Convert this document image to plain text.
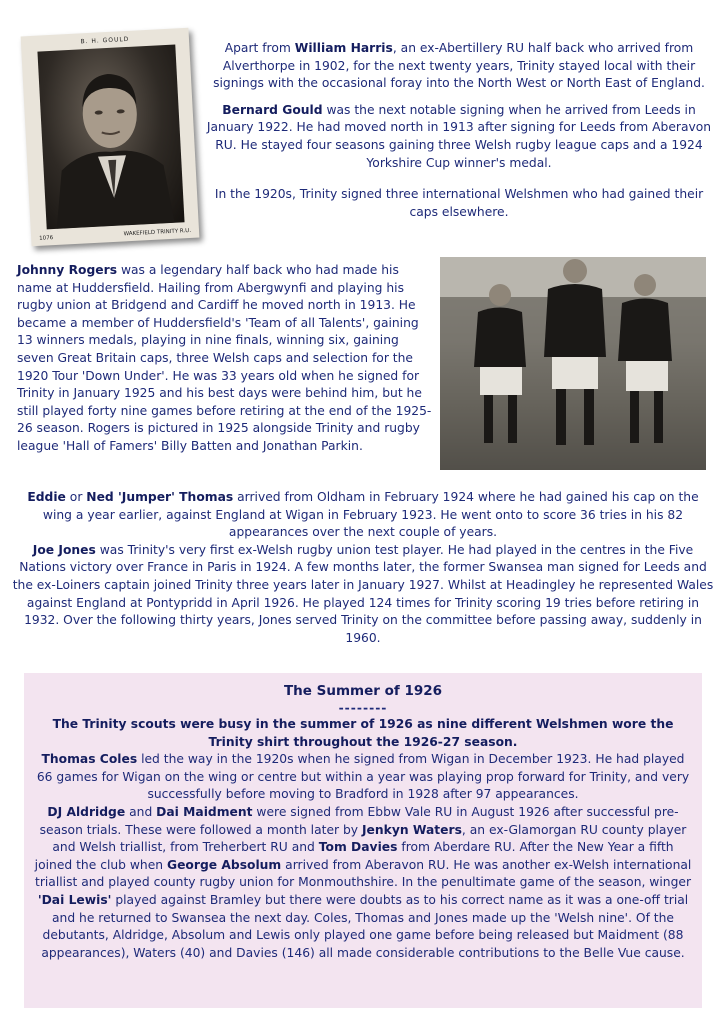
B. H. GOULD
1076
WAKEFIELD TRINITY R.U.

Apart from William Harris, an ex-Abertillery RU half back who arrived from Alverthorpe in 1902, for the next twenty years, Trinity stayed local with their signings with the occasional foray into the North West or North East of England.

Bernard Gould was the next notable signing when he arrived from Leeds in January 1922. He had moved north in 1913 after signing for Leeds from Aberavon RU. He stayed four seasons gaining three Welsh rugby league caps and a 1924 Yorkshire Cup winner's medal.

In the 1920s, Trinity signed three international Welshmen who had gained their caps elsewhere.

Johnny Rogers was a legendary half back who had made his name at Huddersfield. Hailing from Abergwynfi and playing his rugby union at Bridgend and Cardiff he moved north in 1913. He became a member of Huddersfield's 'Team of all Talents', gaining 13 winners medals, playing in nine finals, winning six, gaining seven Great Britain caps, three Welsh caps and selection for the 1920 Tour 'Down Under'. He was 33 years old when he signed for Trinity in January 1925 and his best days were behind him, but he still played forty nine games before retiring at the end of the 1925-26 season. Rogers is pictured in 1925 alongside Trinity and rugby league 'Hall of Famers' Billy Batten and Jonathan Parkin.

Eddie or Ned 'Jumper' Thomas arrived from Oldham in February 1924 where he had gained his cap on the wing a year earlier, against England at Wigan in February 1923. He went onto to score 36 tries in his 82 appearances over the next couple of years.

Joe Jones was Trinity's very first ex-Welsh rugby union test player. He had played in the centres in the Five Nations victory over France in Paris in 1924. A few months later, the former Swansea man signed for Leeds and the ex-Loiners captain joined Trinity three years later in January 1927. Whilst at Headingley he represented Wales against England at Pontypridd in April 1926. He played 124 times for Trinity scoring 19 tries before retiring in 1932. Over the following thirty years, Jones served Trinity on the committee before passing away, suddenly in 1960.

The Summer of 1926
--------

The Trinity scouts were busy in the summer of 1926 as nine different Welshmen wore the Trinity shirt throughout the 1926-27 season.

Thomas Coles led the way in the 1920s when he signed from Wigan in December 1923. He had played 66 games for Wigan on the wing or centre but within a year was playing prop forward for Trinity, and very successfully before moving to Bradford in 1928 after 97 appearances.

DJ Aldridge and Dai Maidment were signed from Ebbw Vale RU in August 1926 after successful pre-season trials. These were followed a month later by Jenkyn Waters, an ex-Glamorgan RU county player and Welsh triallist, from Treherbert RU and Tom Davies from Aberdare RU. After the New Year a fifth joined the club when George Absolum arrived from Aberavon RU. He was another ex-Welsh international triallist and played county rugby union for Monmouthshire. In the penultimate game of the season, winger 'Dai Lewis' played against Bramley but there were doubts as to his correct name as it was a one-off trial and he returned to Swansea the next day. Coles, Thomas and Jones made up the 'Welsh nine'. Of the debutants, Aldridge, Absolum and Lewis only played one game before being released but Maidment (88 appearances), Waters (40) and Davies (146) all made considerable contributions to the Belle Vue cause.
